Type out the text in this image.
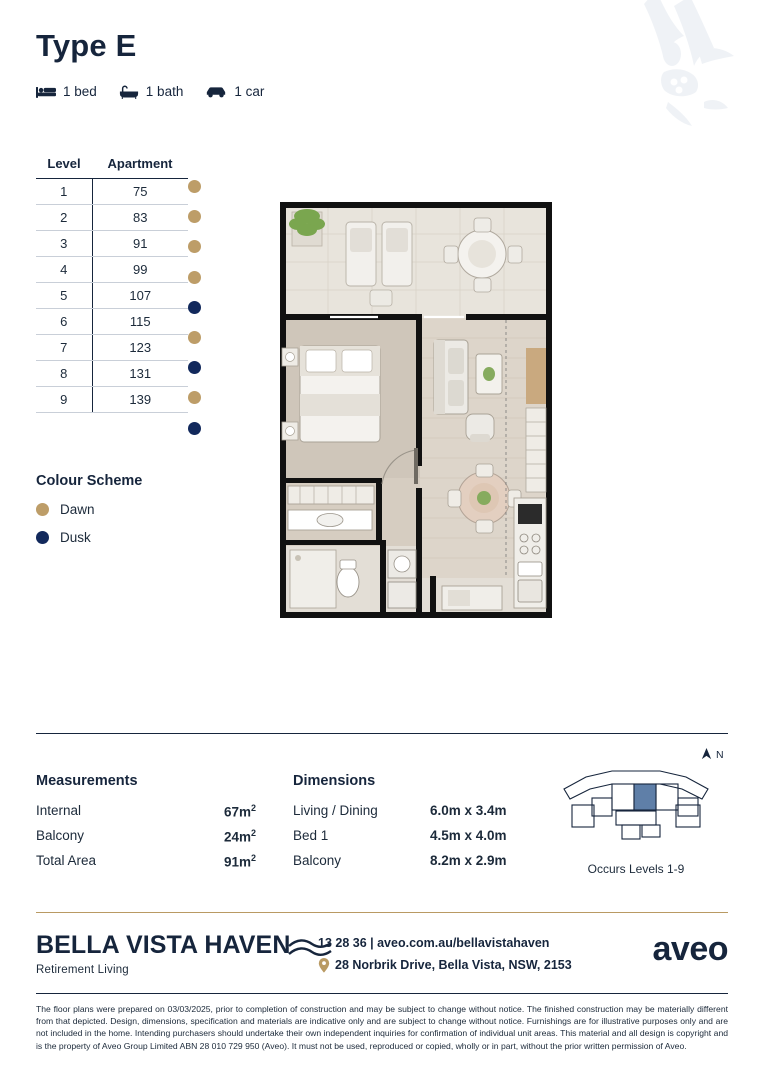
Type E
1 bed	1 bath	1 car
Level	Apartment
1	75
2	83
3	91
4	99
5	107
6	115
7	123
8	131
9	139
Colour Scheme
Dawn
Dusk
Measurements
Internal	$67m^2$
Balcony	$24m^2$
Total Area	$91m^2$
Dimensions
Living / Dining	6.0m x 3.4m
Bed 1	4.5m x 4.0m
Balcony	8.2m x 2.9m
N
Occurs Levels 1-9
BELLA VISTA HAVEN
Retirement Living
13 28 36 | aveo.com.au/bellavistahaven
28 Norbrik Drive, Bella Vista, NSW, 2153 aveo
The floor plans were prepared on 03/03/2025, prior to completion of construction and may be subject to change without notice. The finished construction may be materially different from that depicted. Design, dimensions, specification and materials are indicative only and are subject to change without notice. Furnishings are for illustrative purposes only and are not included in the home. Intending purchasers should undertake their own independent inquiries for confirmation of individual unit areas. This material and all design is copyright and is the property of Aveo Group Limited ABN 28 010 729 950 (Aveo). It must not be used, reproduced or copied, wholly or in part, without the prior written permission of Aveo.
